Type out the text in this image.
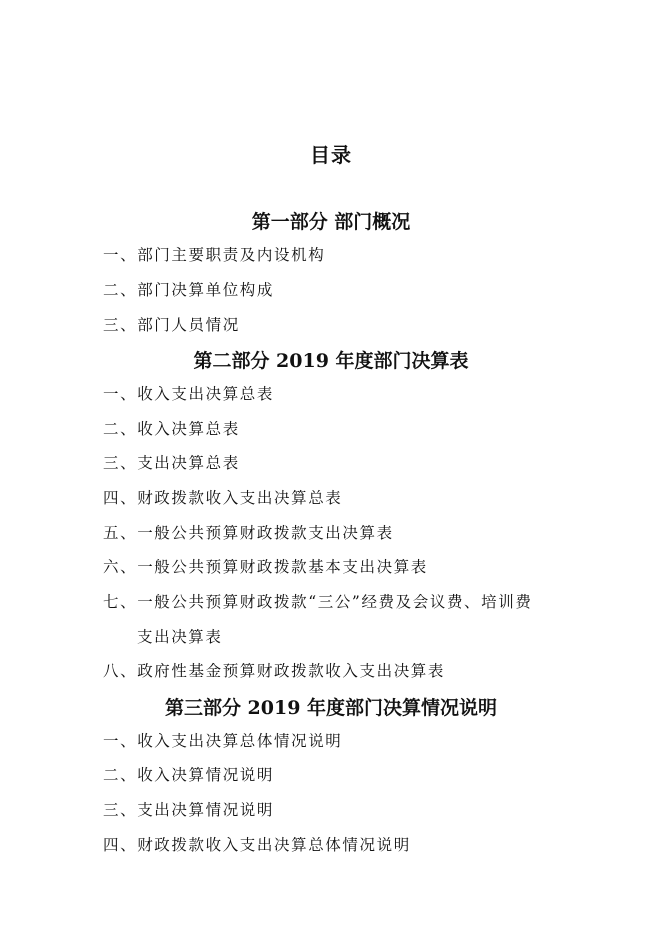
目录
第一部分 部门概况
一、部门主要职责及内设机构
二、部门决算单位构成
三、部门人员情况
第二部分 2019 年度部门决算表
一、收入支出决算总表
二、收入决算总表
三、支出决算总表
四、财政拨款收入支出决算总表
五、一般公共预算财政拨款支出决算表
六、一般公共预算财政拨款基本支出决算表
七、一般公共预算财政拨款“三公”经费及会议费、培训费
支出决算表
八、政府性基金预算财政拨款收入支出决算表
第三部分 2019 年度部门决算情况说明
一、收入支出决算总体情况说明
二、收入决算情况说明
三、支出决算情况说明
四、财政拨款收入支出决算总体情况说明
